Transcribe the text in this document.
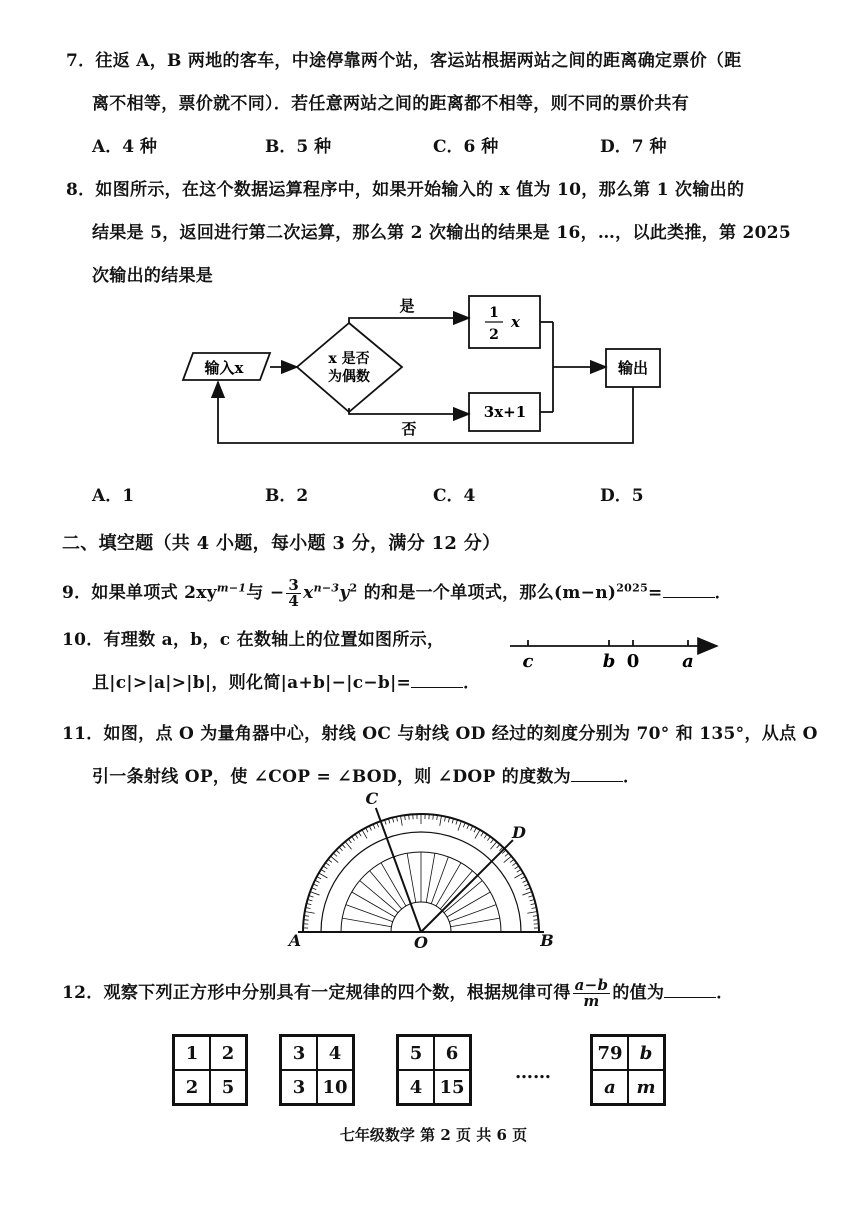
7．往返 A，B 两地的客车，中途停靠两个站，客运站根据两站之间的距离确定票价（距
离不相等，票价就不同）．若任意两站之间的距离都不相等，则不同的票价共有
A．4 种	B．5 种	C．6 种	D．7 种
8．如图所示，在这个数据运算程序中，如果开始输入的 x 值为 10，那么第 1 次输出的
结果是 5，返回进行第二次运算，那么第 2 次输出的结果是 16，…，以此类推，第 2025
次输出的结果是
输入x	x 是否
为偶数
是	1
2
x
否
3x+1
输出
A．1	B．2	C．4	D．5
二、填空题（共 4 小题，每小题 3 分，满分 12 分）
9．如果单项式 $2xy^{m-1}$与 − $\frac{3}{4} x^{n-3}y^2$ 的和是一个单项式，那么$(m-n)^{2025}=$	．
10．有理数 a，b，c 在数轴上的位置如图所示，
且|c|>|a|>|b|，则化简|a+b|−|c−b|=	．
c	b 0 a
11．如图，点 O 为量角器中心，射线 OC 与射线 OD 经过的刻度分别为 70° 和 135°，从点 O
引一条射线 OP，使 ∠COP = ∠BOD，则 ∠DOP 的度数为	．
A	O	B
C
D
12．观察下列正方形中分别具有一定规律的四个数，根据规律可得 $\frac{a-b}{m}$ 的值为	．
1	2
2	5
3	4
3 10
5	6
4 15
……
79 b
a	m
七年级数学 第 2 页 共 6 页
